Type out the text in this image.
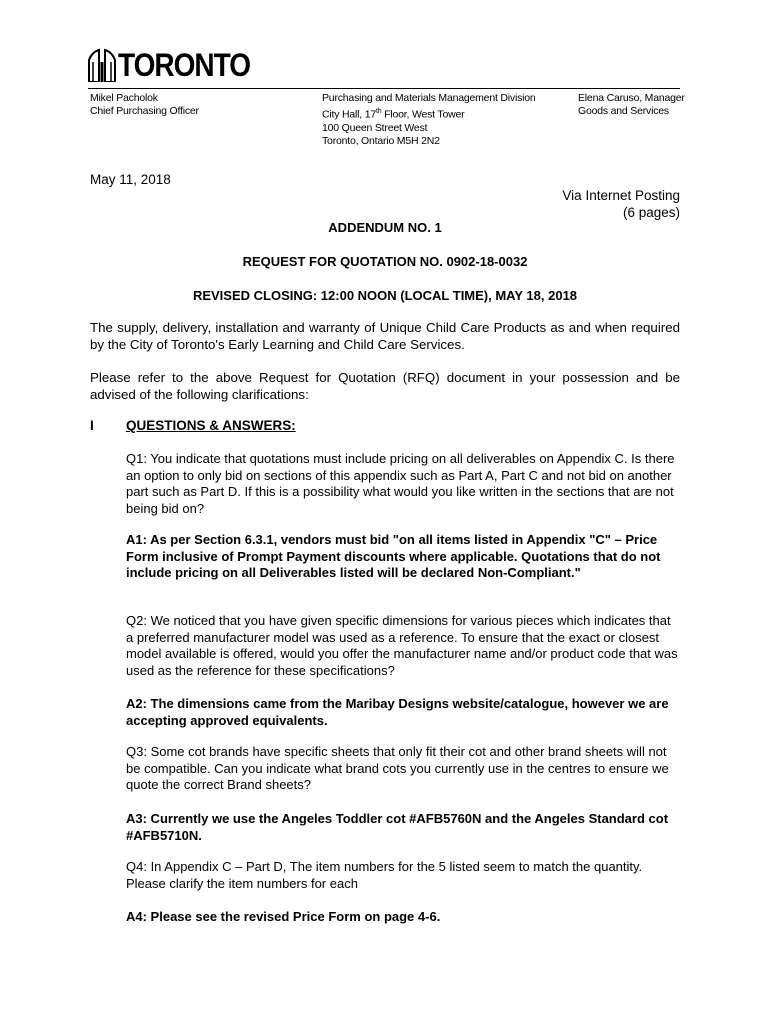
TORONTO
Mikel Pacholok
Chief Purchasing Officer
Purchasing and Materials Management Division
City Hall, 17th Floor, West Tower
100 Queen Street West
Toronto, Ontario M5H 2N2
Elena Caruso, Manager
Goods and Services
May 11, 2018
Via Internet Posting
(6 pages)
ADDENDUM NO. 1
REQUEST FOR QUOTATION NO. 0902-18-0032
REVISED CLOSING: 12:00 NOON (LOCAL TIME), MAY 18, 2018
The supply, delivery, installation and warranty of Unique Child Care Products as and when required by the City of Toronto's Early Learning and Child Care Services.
Please refer to the above Request for Quotation (RFQ) document in your possession and be advised of the following clarifications:
I QUESTIONS & ANSWERS:
Q1: You indicate that quotations must include pricing on all deliverables on Appendix C. Is there an option to only bid on sections of this appendix such as Part A, Part C and not bid on another part such as Part D. If this is a possibility what would you like written in the sections that are not being bid on?
A1: As per Section 6.3.1, vendors must bid "on all items listed in Appendix "C" – Price Form inclusive of Prompt Payment discounts where applicable. Quotations that do not include pricing on all Deliverables listed will be declared Non-Compliant."
Q2: We noticed that you have given specific dimensions for various pieces which indicates that a preferred manufacturer model was used as a reference. To ensure that the exact or closest model available is offered, would you offer the manufacturer name and/or product code that was used as the reference for these specifications?
A2: The dimensions came from the Maribay Designs website/catalogue, however we are accepting approved equivalents.
Q3: Some cot brands have specific sheets that only fit their cot and other brand sheets will not be compatible. Can you indicate what brand cots you currently use in the centres to ensure we quote the correct Brand sheets?
A3: Currently we use the Angeles Toddler cot #AFB5760N and the Angeles Standard cot #AFB5710N.
Q4: In Appendix C – Part D, The item numbers for the 5 listed seem to match the quantity. Please clarify the item numbers for each
A4: Please see the revised Price Form on page 4-6.
